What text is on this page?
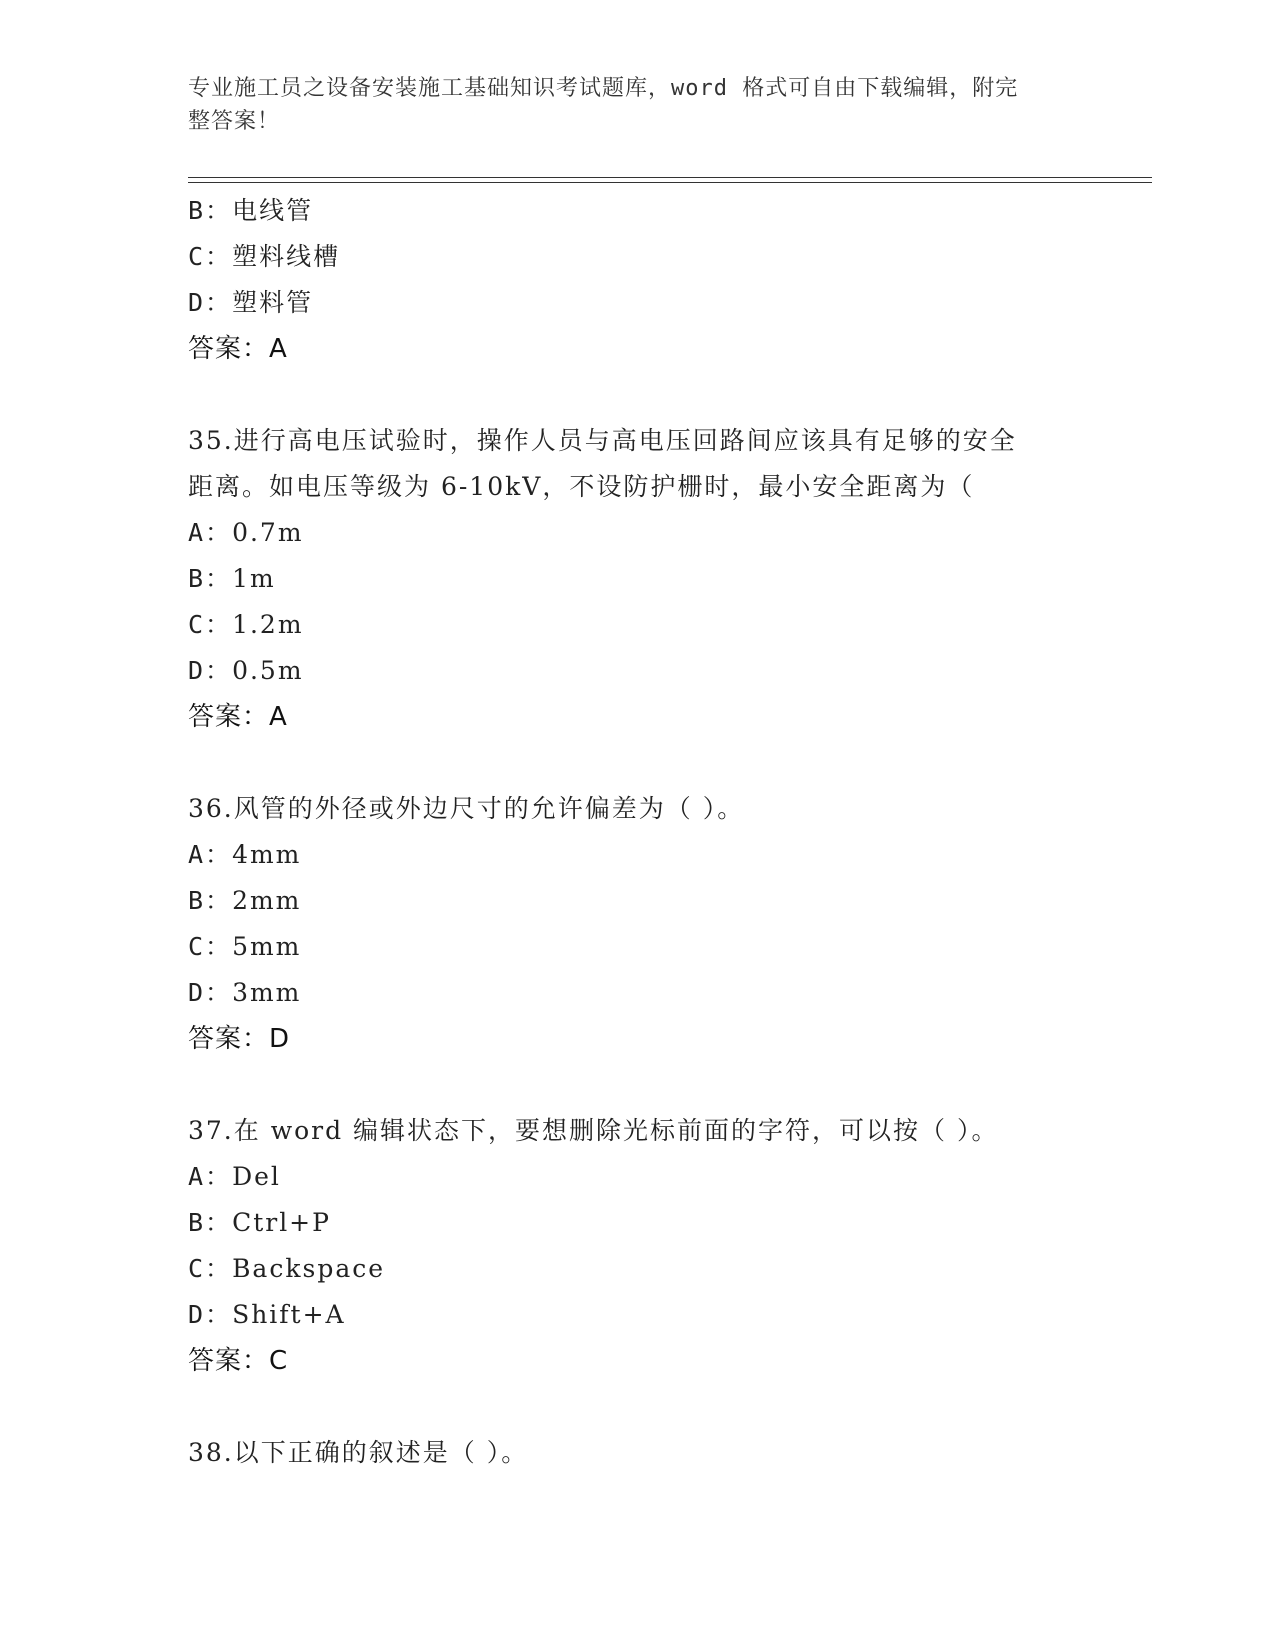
专业施工员之设备安装施工基础知识考试题库，word 格式可自由下载编辑，附完
整答案！
B：电线管
C：塑料线槽
D：塑料管
答案：A
35.进行高电压试验时，操作人员与高电压回路间应该具有足够的安全
距离。如电压等级为 6-10kV，不设防护栅时，最小安全距离为（
A：0.7m
B：1m
C：1.2m
D：0.5m
答案：A
36.风管的外径或外边尺寸的允许偏差为（ ）。
A：4mm
B：2mm
C：5mm
D：3mm
答案：D
37.在 word 编辑状态下，要想删除光标前面的字符，可以按（ ）。
A：Del
B：Ctrl+P
C：Backspace
D：Shift+A
答案：C
38.以下正确的叙述是（ ）。
